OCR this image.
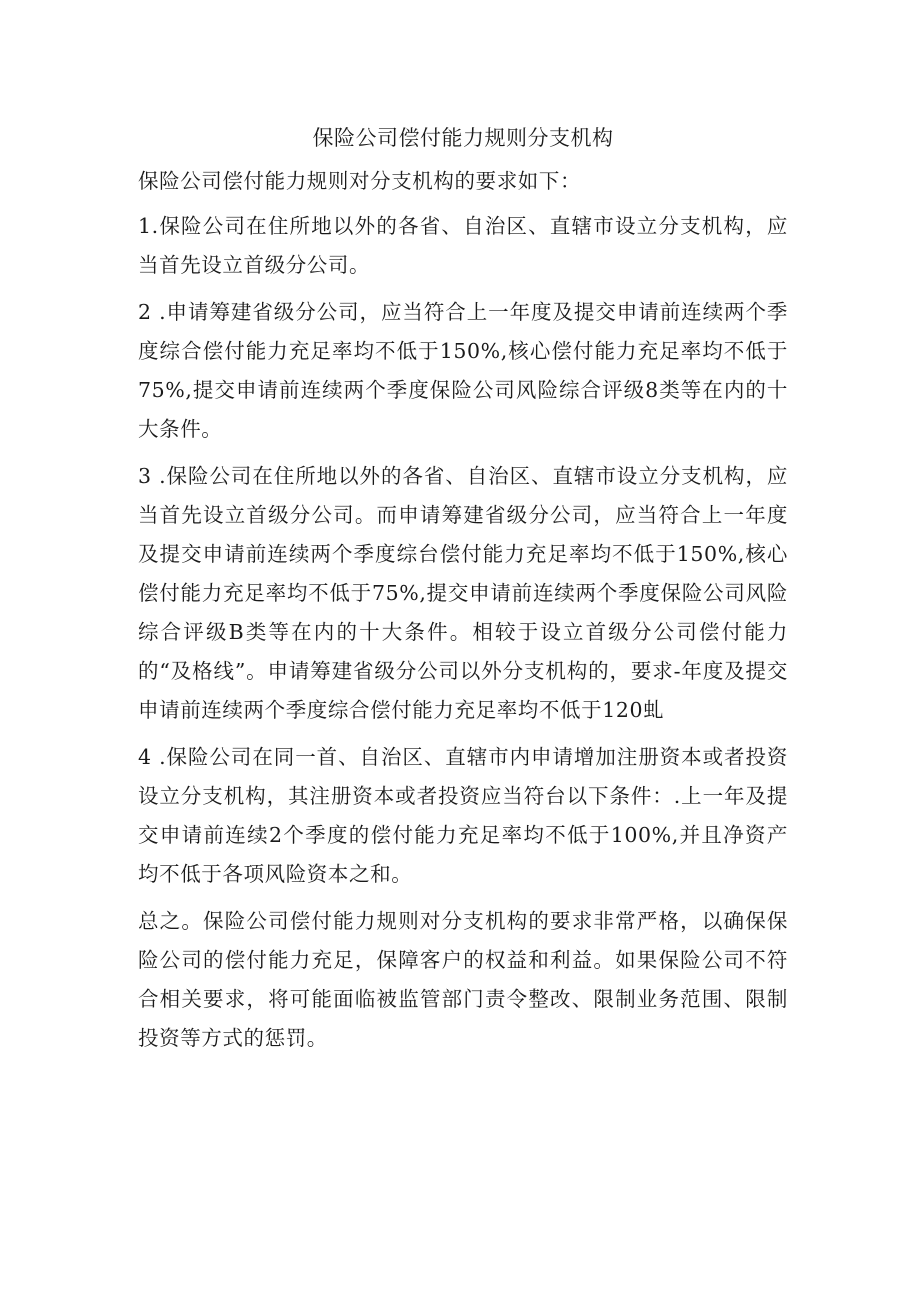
保险公司偿付能力规则分支机构

保险公司偿付能力规则对分支机构的要求如下：

1.保险公司在住所地以外的各省、自治区、直辖市设立分支机构，应当首先设立首级分公司。

2 .申请筹建省级分公司，应当符合上一年度及提交申请前连续两个季度综合偿付能力充足率均不低于150%,核心偿付能力充足率均不低于75%,提交申请前连续两个季度保险公司风险综合评级8类等在内的十大条件。

3 .保险公司在住所地以外的各省、自治区、直辖市设立分支机构，应当首先设立首级分公司。而申请筹建省级分公司，应当符合上一年度及提交申请前连续两个季度综台偿付能力充足率均不低于150%,核心偿付能力充足率均不低于75%,提交申请前连续两个季度保险公司风险综合评级B类等在内的十大条件。相较于设立首级分公司偿付能力的“及格线”。申请筹建省级分公司以外分支机构的，要求-年度及提交申请前连续两个季度综合偿付能力充足率均不低于120虬

4 .保险公司在同一首、自治区、直辖市内申请增加注册资本或者投资设立分支机构，其注册资本或者投资应当符台以下条件：.上一年及提交申请前连续2个季度的偿付能力充足率均不低于100%,并且净资产均不低于各项风险资本之和。

总之。保险公司偿付能力规则对分支机构的要求非常严格，以确保保险公司的偿付能力充足，保障客户的权益和利益。如果保险公司不符合相关要求，将可能面临被监管部门责令整改、限制业务范围、限制投资等方式的惩罚。
